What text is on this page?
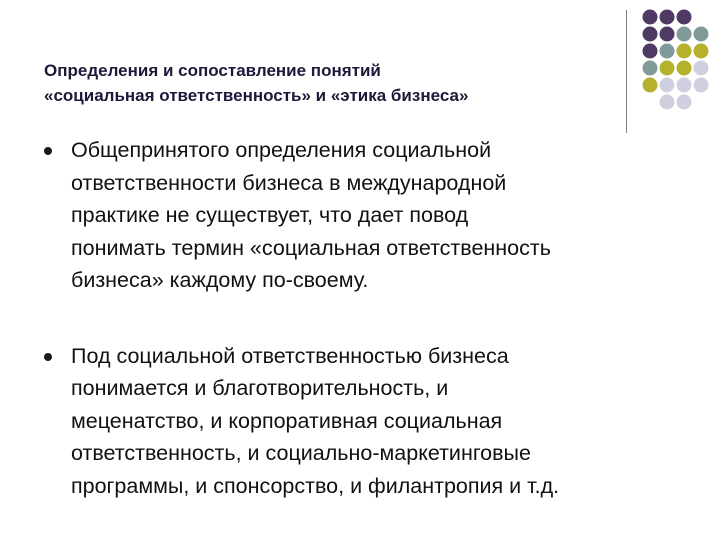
Определения и сопоставление понятий
«социальная ответственность» и «этика бизнеса»
Общепринятого определения социальной
ответственности бизнеса в международной
практике не существует, что дает повод
понимать термин «социальная ответственность
бизнеса» каждому по-своему.
Под социальной ответственностью бизнеса
понимается и благотворительность, и
меценатство, и корпоративная социальная
ответственность, и социально-маркетинговые
программы, и спонсорство, и филантропия и т.д.
